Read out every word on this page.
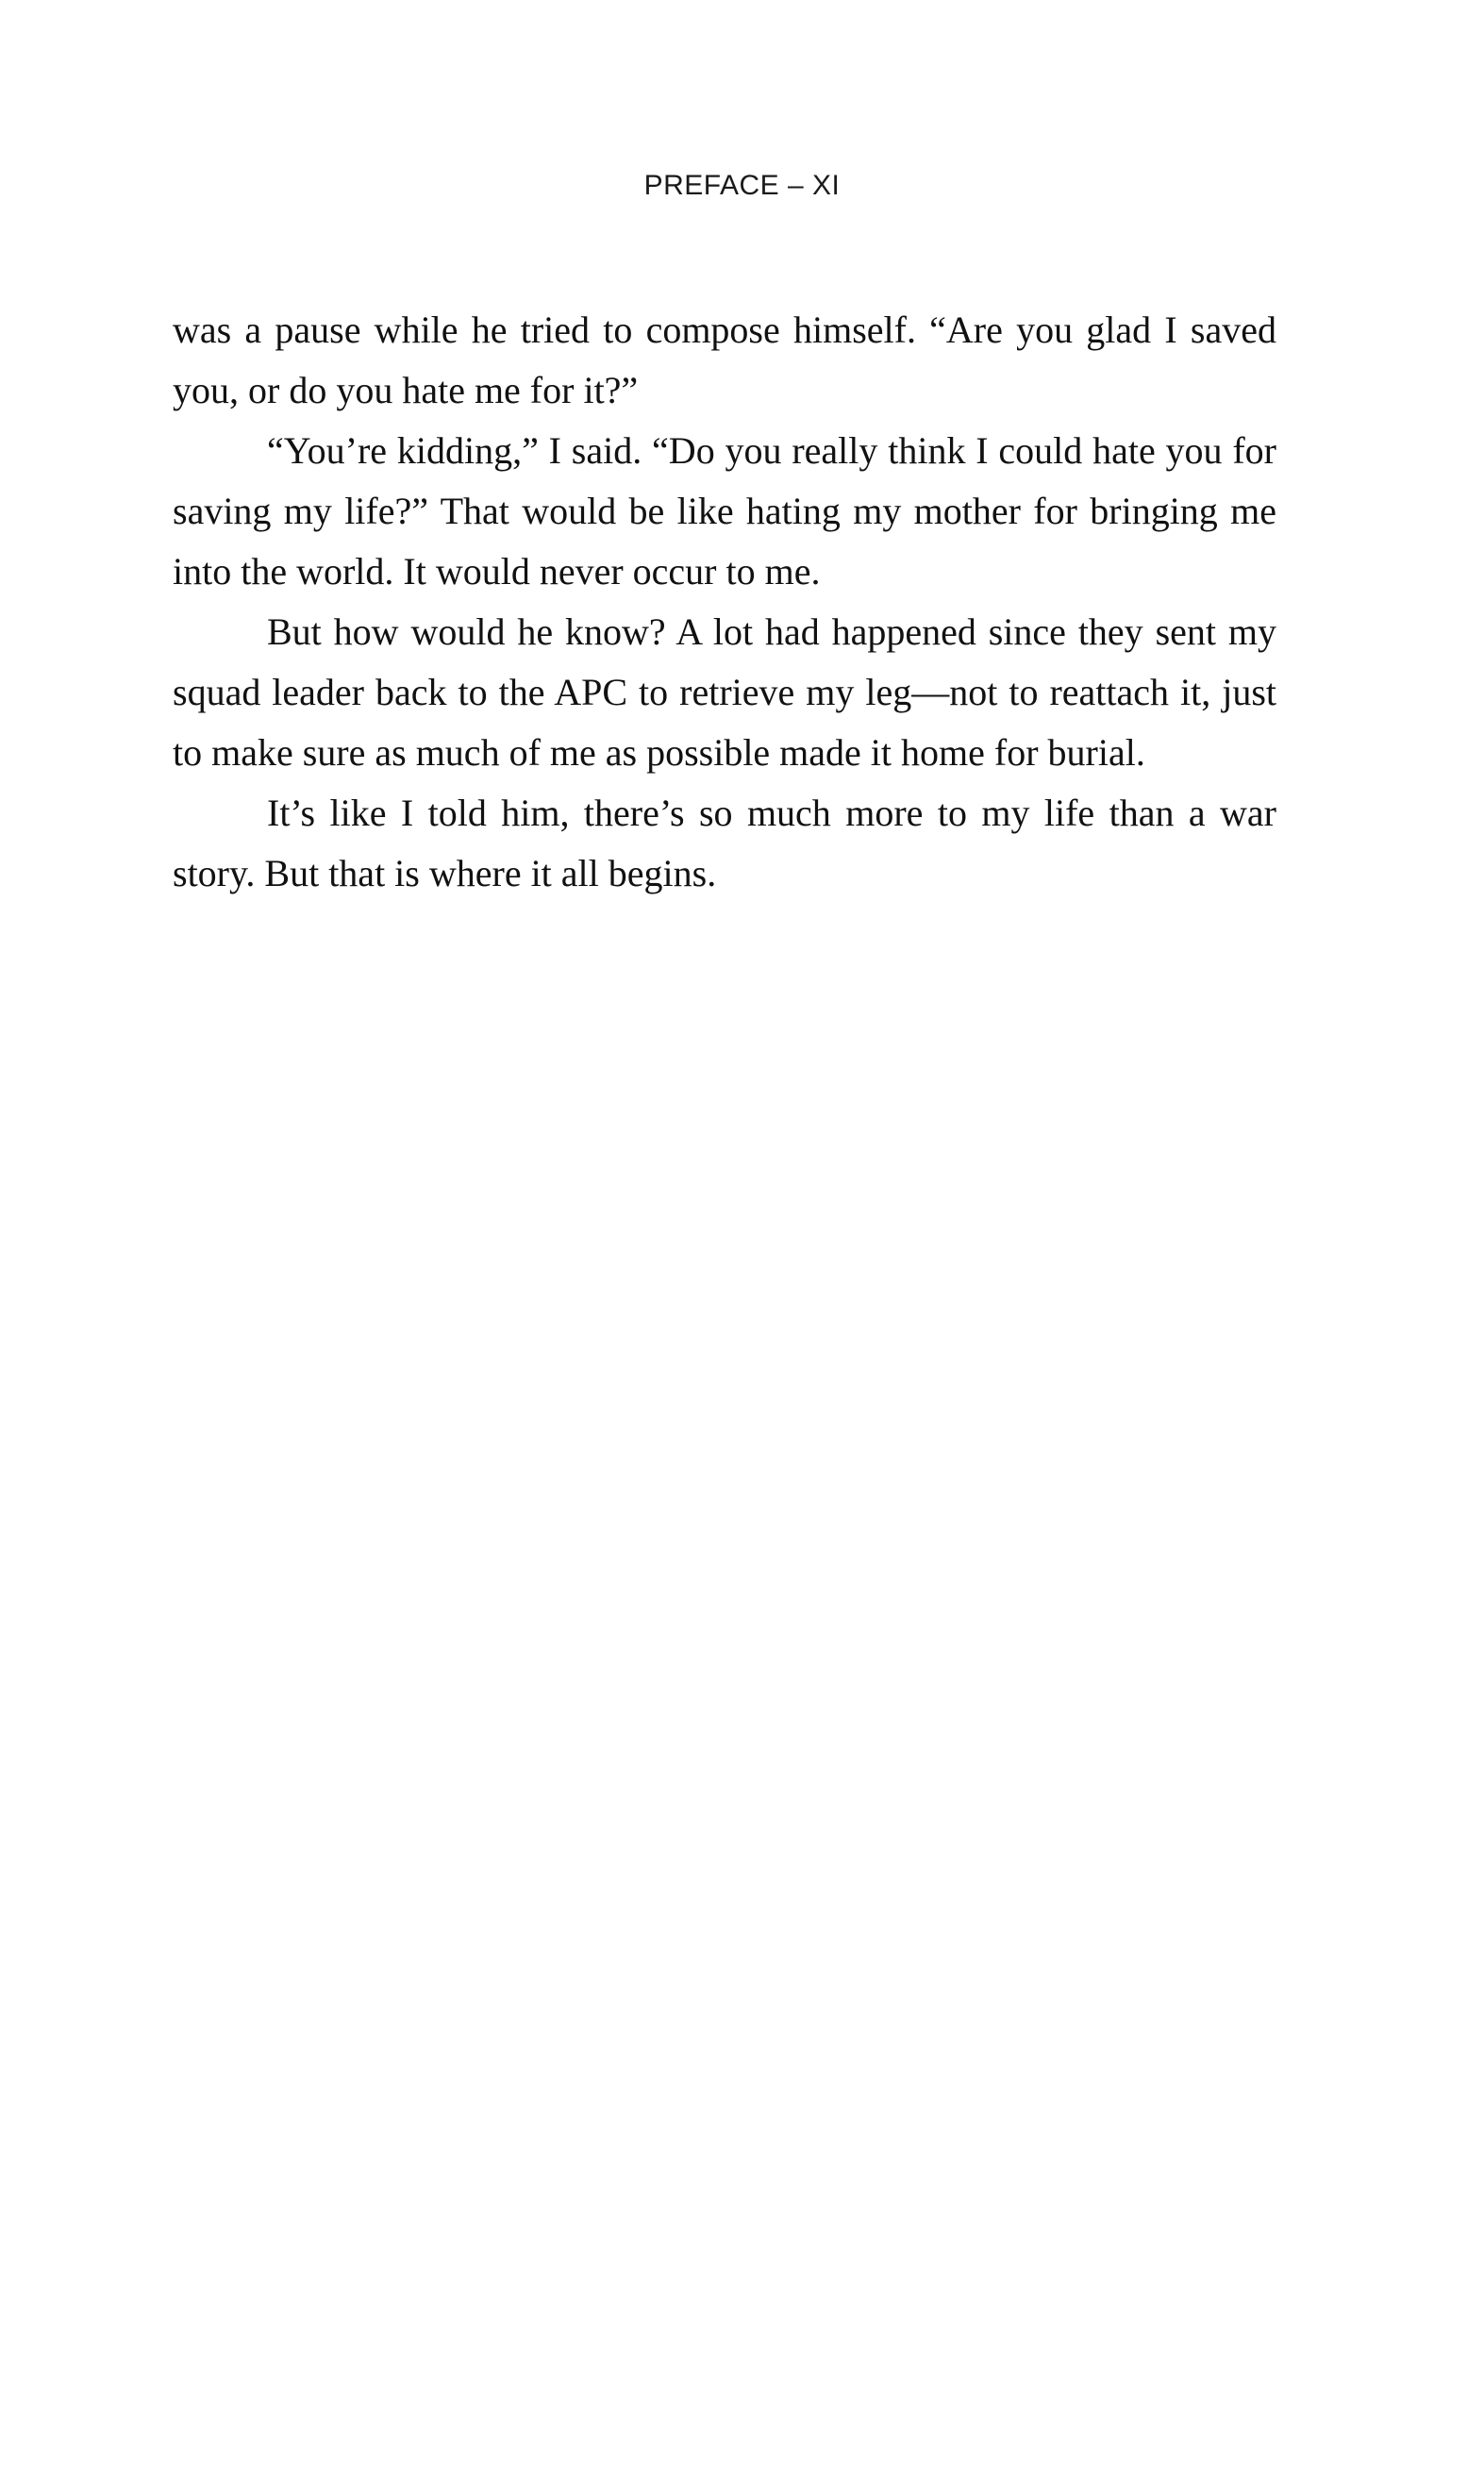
PREFACE – XI

was a pause while he tried to compose himself. “Are you glad I saved you, or do you hate me for it?”

“You’re kidding,” I said. “Do you really think I could hate you for saving my life?” That would be like hating my mother for bringing me into the world. It would never occur to me.

But how would he know? A lot had happened since they sent my squad leader back to the APC to retrieve my leg—not to reattach it, just to make sure as much of me as possible made it home for burial.

It’s like I told him, there’s so much more to my life than a war story. But that is where it all begins.
